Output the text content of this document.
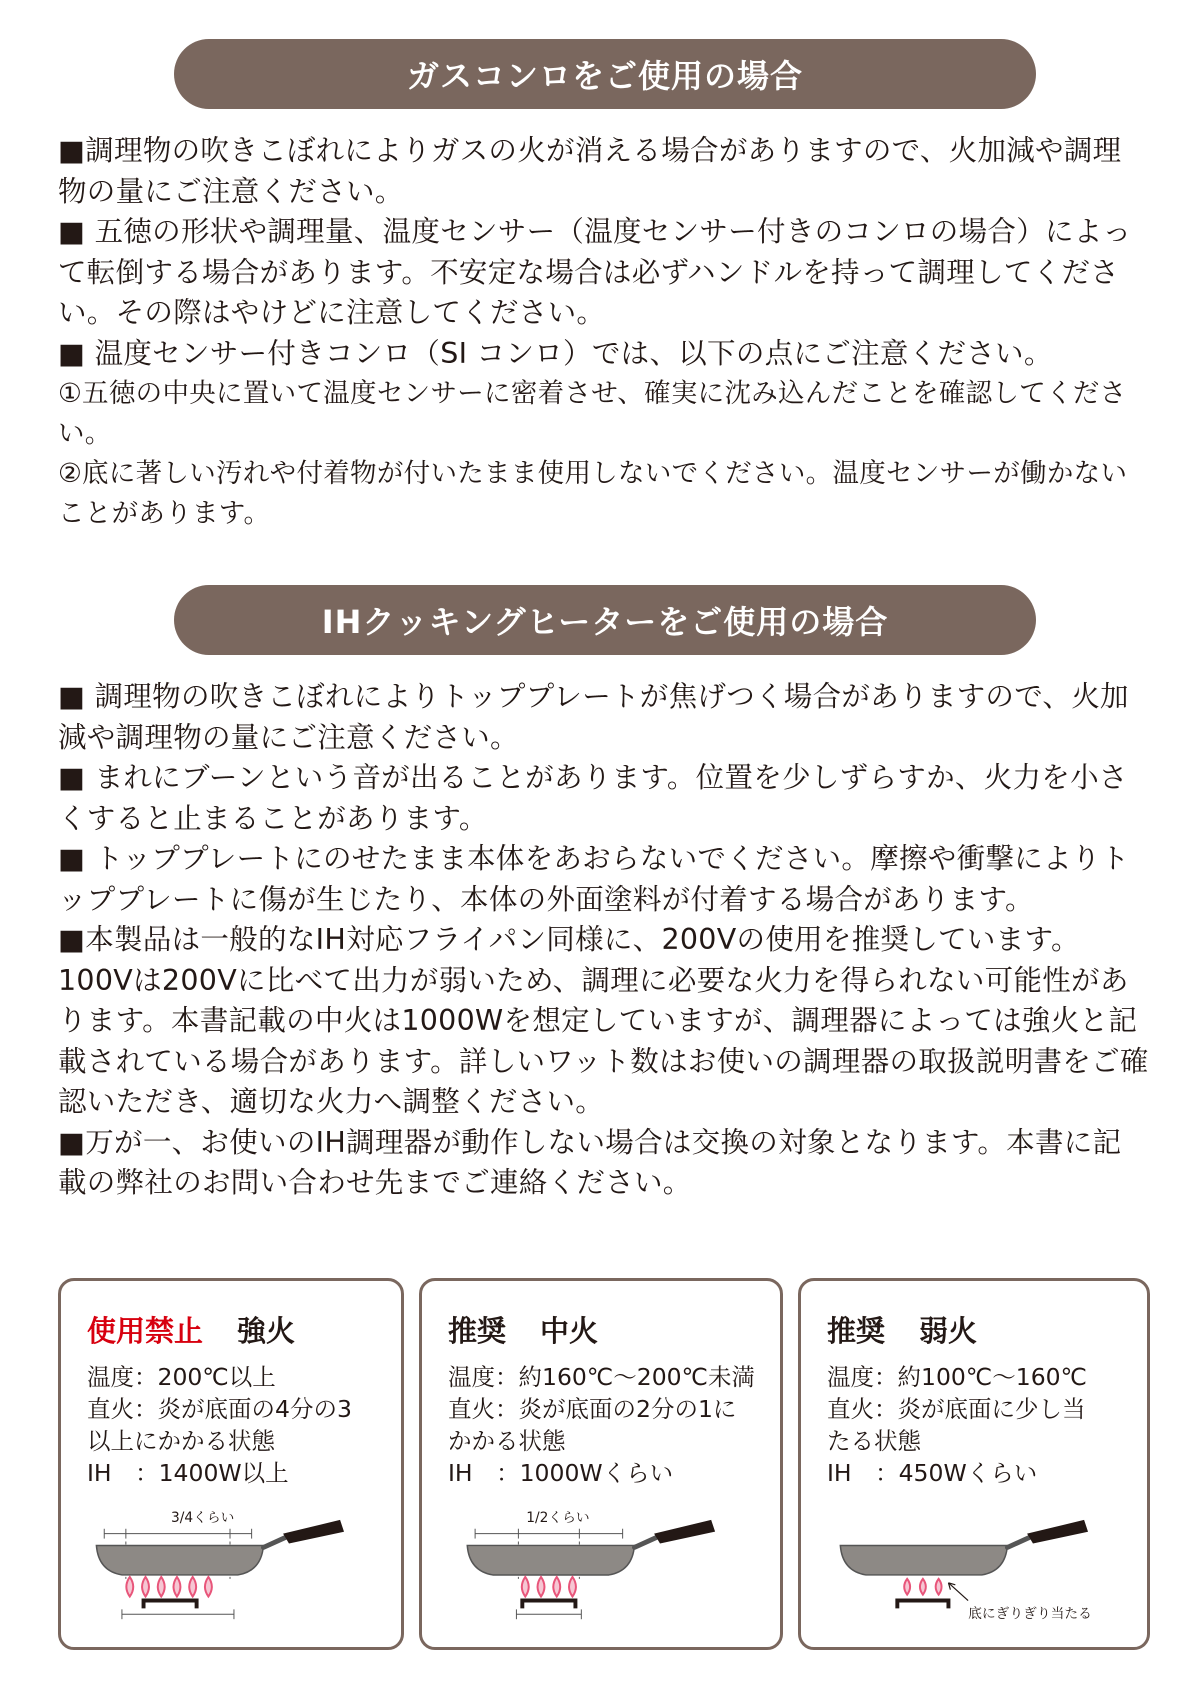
ガスコンロをご使用の場合

■調理物の吹きこぼれによりガスの火が消える場合がありますので、火加減や調理物の量にご注意ください。

■ 五徳の形状や調理量、温度センサー（温度センサー付きのコンロの場合）によって転倒する場合があります。不安定な場合は必ずハンドルを持って調理してください。その際はやけどに注意してください。

■ 温度センサー付きコンロ（SI コンロ）では、以下の点にご注意ください。

①五徳の中央に置いて温度センサーに密着させ、確実に沈み込んだことを確認してください。

②底に著しい汚れや付着物が付いたまま使用しないでください。温度センサーが働かないことがあります。

IHクッキングヒーターをご使用の場合

■ 調理物の吹きこぼれによりトッププレートが焦げつく場合がありますので、火加減や調理物の量にご注意ください。

■ まれにブーンという音が出ることがあります。位置を少しずらすか、火力を小さくすると止まることがあります。

■ トッププレートにのせたまま本体をあおらないでください。摩擦や衝撃によりトッププレートに傷が生じたり、本体の外面塗料が付着する場合があります。

■本製品は一般的なIH対応フライパン同様に、200Vの使用を推奨しています。100Vは200Vに比べて出力が弱いため、調理に必要な火力を得られない可能性があります。本書記載の中火は1000Wを想定していますが、調理器によっては強火と記載されている場合があります。詳しいワット数はお使いの調理器の取扱説明書をご確認いただき、適切な火力へ調整ください。

■万が一、お使いのIH調理器が動作しない場合は交換の対象となります。本書に記載の弊社のお問い合わせ先までご連絡ください。

使用禁止 強火

温度：200℃以上

直火：炎が底面の4分の3

以上にかかる状態

IH　：1400W以上

3/4くらい
推奨 中火

温度：約160℃～200℃未満

直火：炎が底面の2分の1に

かかる状態

IH　：1000Wくらい

1/2くらい
推奨 弱火

温度：約100℃～160℃

直火：炎が底面に少し当

たる状態

IH　：450Wくらい

底にぎりぎり当たる
